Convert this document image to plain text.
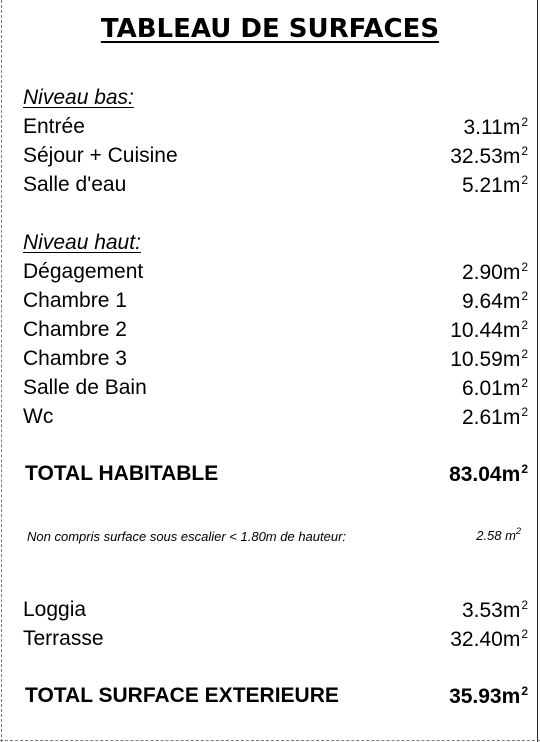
TABLEAU DE SURFACES
Niveau bas:
Entrée	$3.11m^2$
Séjour + Cuisine	$32.53m^2$
Salle d'eau	$5.21m^2$
Niveau haut:
Dégagement	$2.90m^2$
Chambre 1	$9.64m^2$
Chambre 2	$10.44m^2$
Chambre 3	$10.59m^2$
Salle de Bain	$6.01m^2$
Wc	$2.61m^2$
TOTAL HABITABLE	$83.04m^2$
Non compris surface sous escalier < 1.80m de hauteur:	2.58 $m^2$
Loggia	$3.53m^2$
Terrasse	$32.40m^2$
TOTAL SURFACE EXTERIEURE	$35.93m^2$
